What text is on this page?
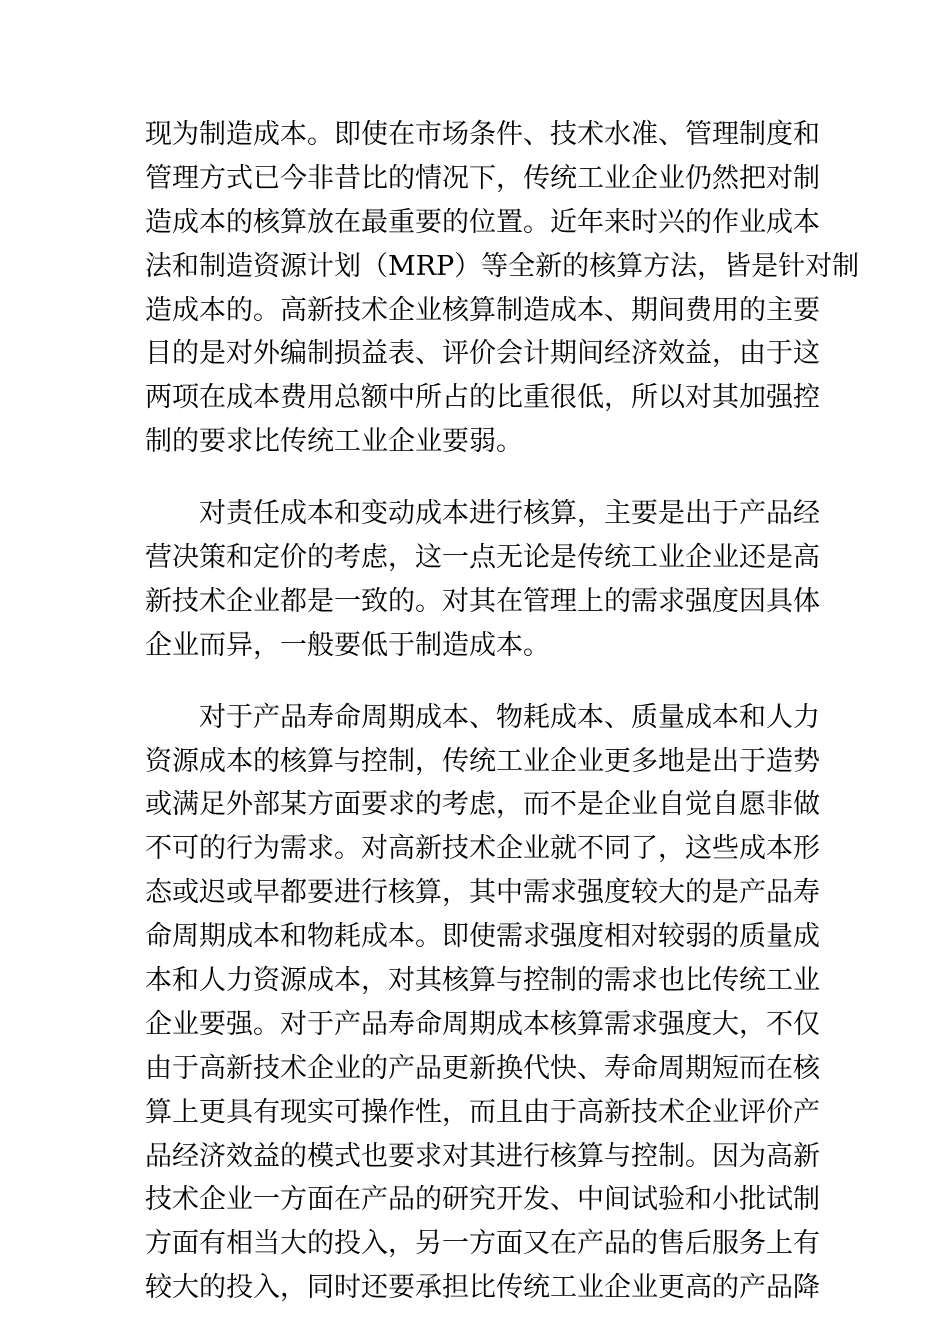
现为制造成本。即使在市场条件、技术水准、管理制度和
管理方式已今非昔比的情况下，传统工业企业仍然把对制
造成本的核算放在最重要的位置。近年来时兴的作业成本
法和制造资源计划（MRP）等全新的核算方法，皆是针对制
造成本的。高新技术企业核算制造成本、期间费用的主要
目的是对外编制损益表、评价会计期间经济效益，由于这
两项在成本费用总额中所占的比重很低，所以对其加强控
制的要求比传统工业企业要弱。
　　对责任成本和变动成本进行核算，主要是出于产品经
营决策和定价的考虑，这一点无论是传统工业企业还是高
新技术企业都是一致的。对其在管理上的需求强度因具体
企业而异，一般要低于制造成本。
　　对于产品寿命周期成本、物耗成本、质量成本和人力
资源成本的核算与控制，传统工业企业更多地是出于造势
或满足外部某方面要求的考虑，而不是企业自觉自愿非做
不可的行为需求。对高新技术企业就不同了，这些成本形
态或迟或早都要进行核算，其中需求强度较大的是产品寿
命周期成本和物耗成本。即使需求强度相对较弱的质量成
本和人力资源成本，对其核算与控制的需求也比传统工业
企业要强。对于产品寿命周期成本核算需求强度大，不仅
由于高新技术企业的产品更新换代快、寿命周期短而在核
算上更具有现实可操作性，而且由于高新技术企业评价产
品经济效益的模式也要求对其进行核算与控制。因为高新
技术企业一方面在产品的研究开发、中间试验和小批试制
方面有相当大的投入，另一方面又在产品的售后服务上有
较大的投入，同时还要承担比传统工业企业更高的产品降
